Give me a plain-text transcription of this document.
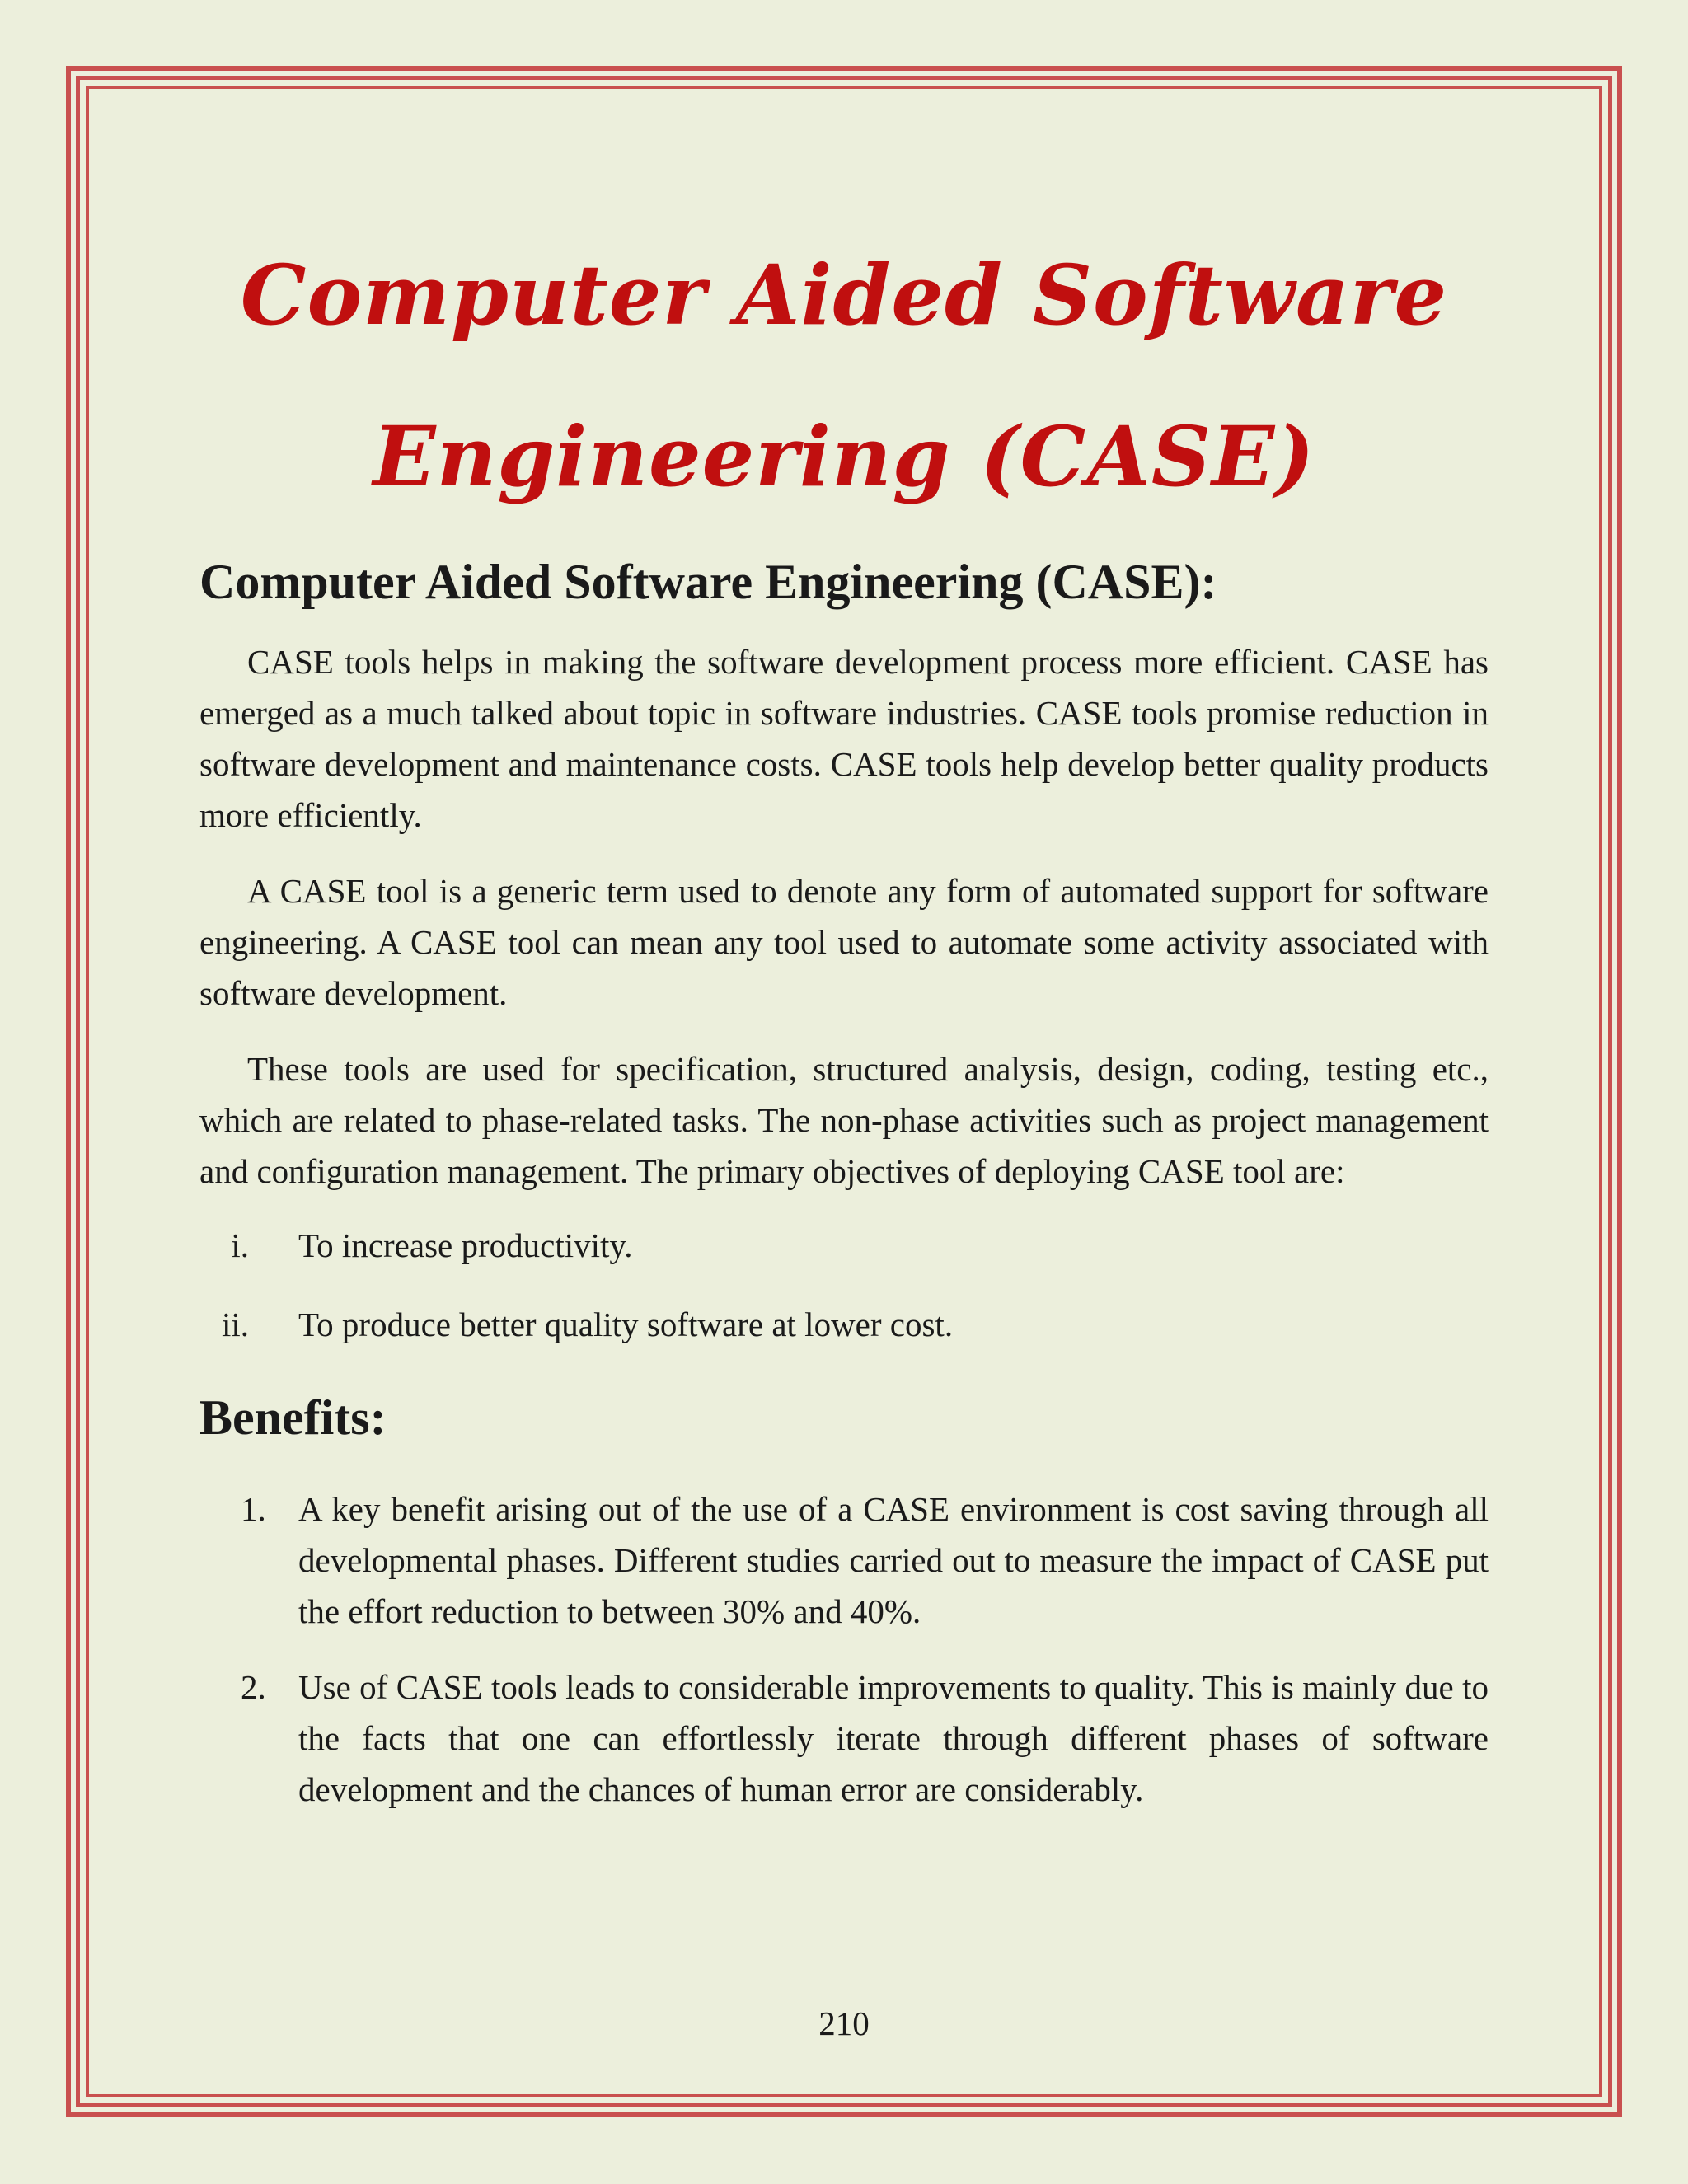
Computer Aided Software
Engineering (CASE)
Computer Aided Software Engineering (CASE):

CASE tools helps in making the software development process more efficient. CASE has emerged as a much talked about topic in software industries. CASE tools promise reduction in software development and maintenance costs. CASE tools help develop better quality products more efficiently.

A CASE tool is a generic term used to denote any form of automated support for software engineering. A CASE tool can mean any tool used to automate some activity associated with software development.

These tools are used for specification, structured analysis, design, coding, testing etc., which are related to phase-related tasks. The non-phase activities such as project management and configuration management. The primary objectives of deploying CASE tool are:

i. To increase productivity.
ii. To produce better quality software at lower cost.
Benefits:
1. A key benefit arising out of the use of a CASE environment is cost saving through all developmental phases. Different studies carried out to measure the impact of CASE put the effort reduction to between 30% and 40%.
2. Use of CASE tools leads to considerable improvements to quality. This is mainly due to the facts that one can effortlessly iterate through different phases of software development and the chances of human error are considerably.
210
